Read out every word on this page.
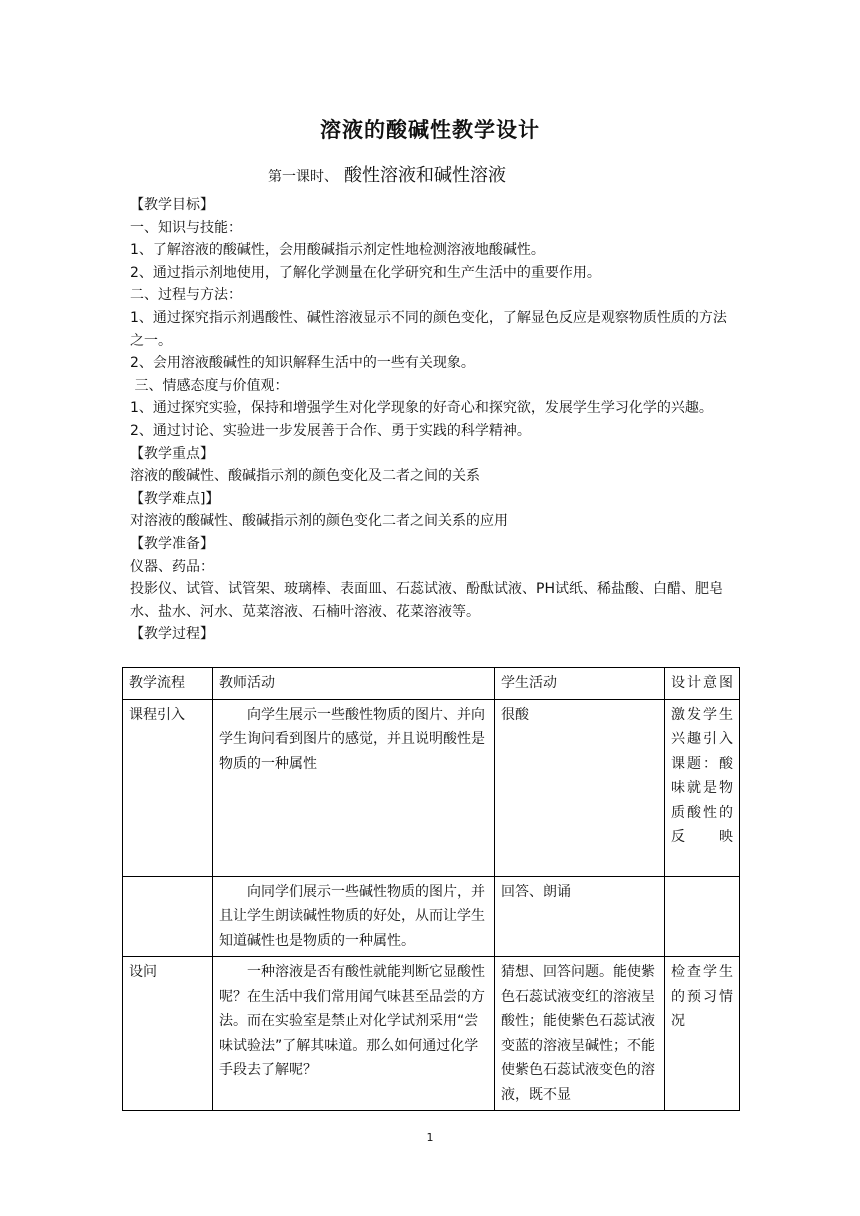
溶液的酸碱性教学设计
第一课时、 酸性溶液和碱性溶液

【教学目标】

一、知识与技能：

1、了解溶液的酸碱性，会用酸碱指示剂定性地检测溶液地酸碱性。

2、通过指示剂地使用，了解化学测量在化学研究和生产生活中的重要作用。

二、过程与方法：

1、通过探究指示剂遇酸性、碱性溶液显示不同的颜色变化，了解显色反应是观察物质性质的方法之一。

2、会用溶液酸碱性的知识解释生活中的一些有关现象。

三、情感态度与价值观：

1、通过探究实验，保持和增强学生对化学现象的好奇心和探究欲，发展学生学习化学的兴趣。

2、通过讨论、实验进一步发展善于合作、勇于实践的科学精神。

【教学重点】

溶液的酸碱性、酸碱指示剂的颜色变化及二者之间的关系

【教学难点]】

对溶液的酸碱性、酸碱指示剂的颜色变化二者之间关系的应用

【教学准备】

仪器、药品：

投影仪、试管、试管架、玻璃棒、表面皿、石蕊试液、酚酞试液、PH试纸、稀盐酸、白醋、肥皂水、盐水、河水、苋菜溶液、石楠叶溶液、花菜溶液等。

【教学过程】

教学流程	教师活动	学生活动	设计意图
课程引入	向学生展示一些酸性物质的图片、并向学生询问看到图片的感觉，并且说明酸性是物质的一种属性	很酸	激发学生兴趣引入课题：酸味就是物质酸性的反映
	向同学们展示一些碱性物质的图片，并且让学生朗读碱性物质的好处，从而让学生知道碱性也是物质的一种属性。	回答、朗诵	
设问	一种溶液是否有酸性就能判断它显酸性呢？在生活中我们常用闻气味甚至品尝的方法。而在实验室是禁止对化学试剂采用“尝味试验法”了解其味道。那么如何通过化学手段去了解呢？	猜想、回答问题。能使紫色石蕊试液变红的溶液呈酸性；能使紫色石蕊试液变蓝的溶液呈碱性；不能使紫色石蕊试液变色的溶液，既不显	检查学生的预习情况
1
